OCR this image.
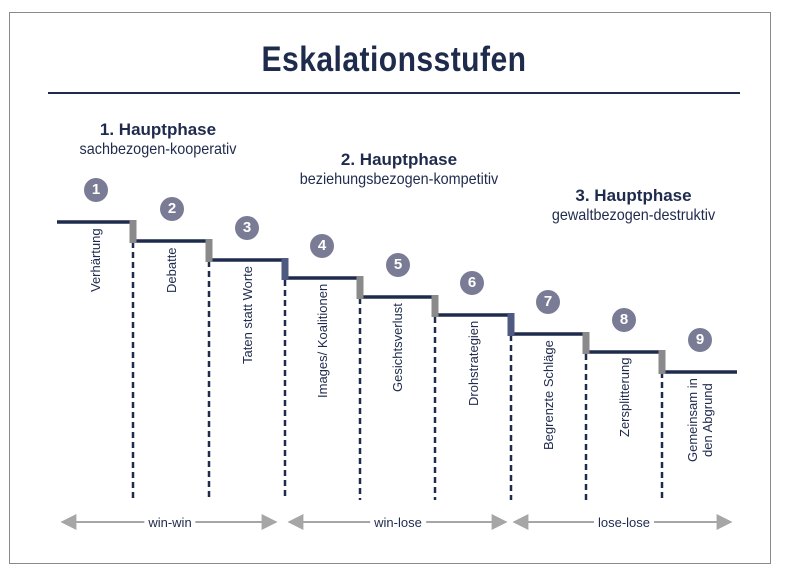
Eskalationsstufen
1. Hauptphase
sachbezogen-kooperativ
2. Hauptphase
beziehungsbezogen-kompetitiv
3. Hauptphase
gewaltbezogen-destruktiv
1
2
3
4
5
6
7
8
9
Verhärtung	Debatte	Taten statt Worte	Images/ Koalitionen	Gesichtsverlust	Drohstrategien	Begrenzte Schläge	Zersplitterung	Gemeinsam in
den Abgrund
win-win	win-lose	lose-lose
